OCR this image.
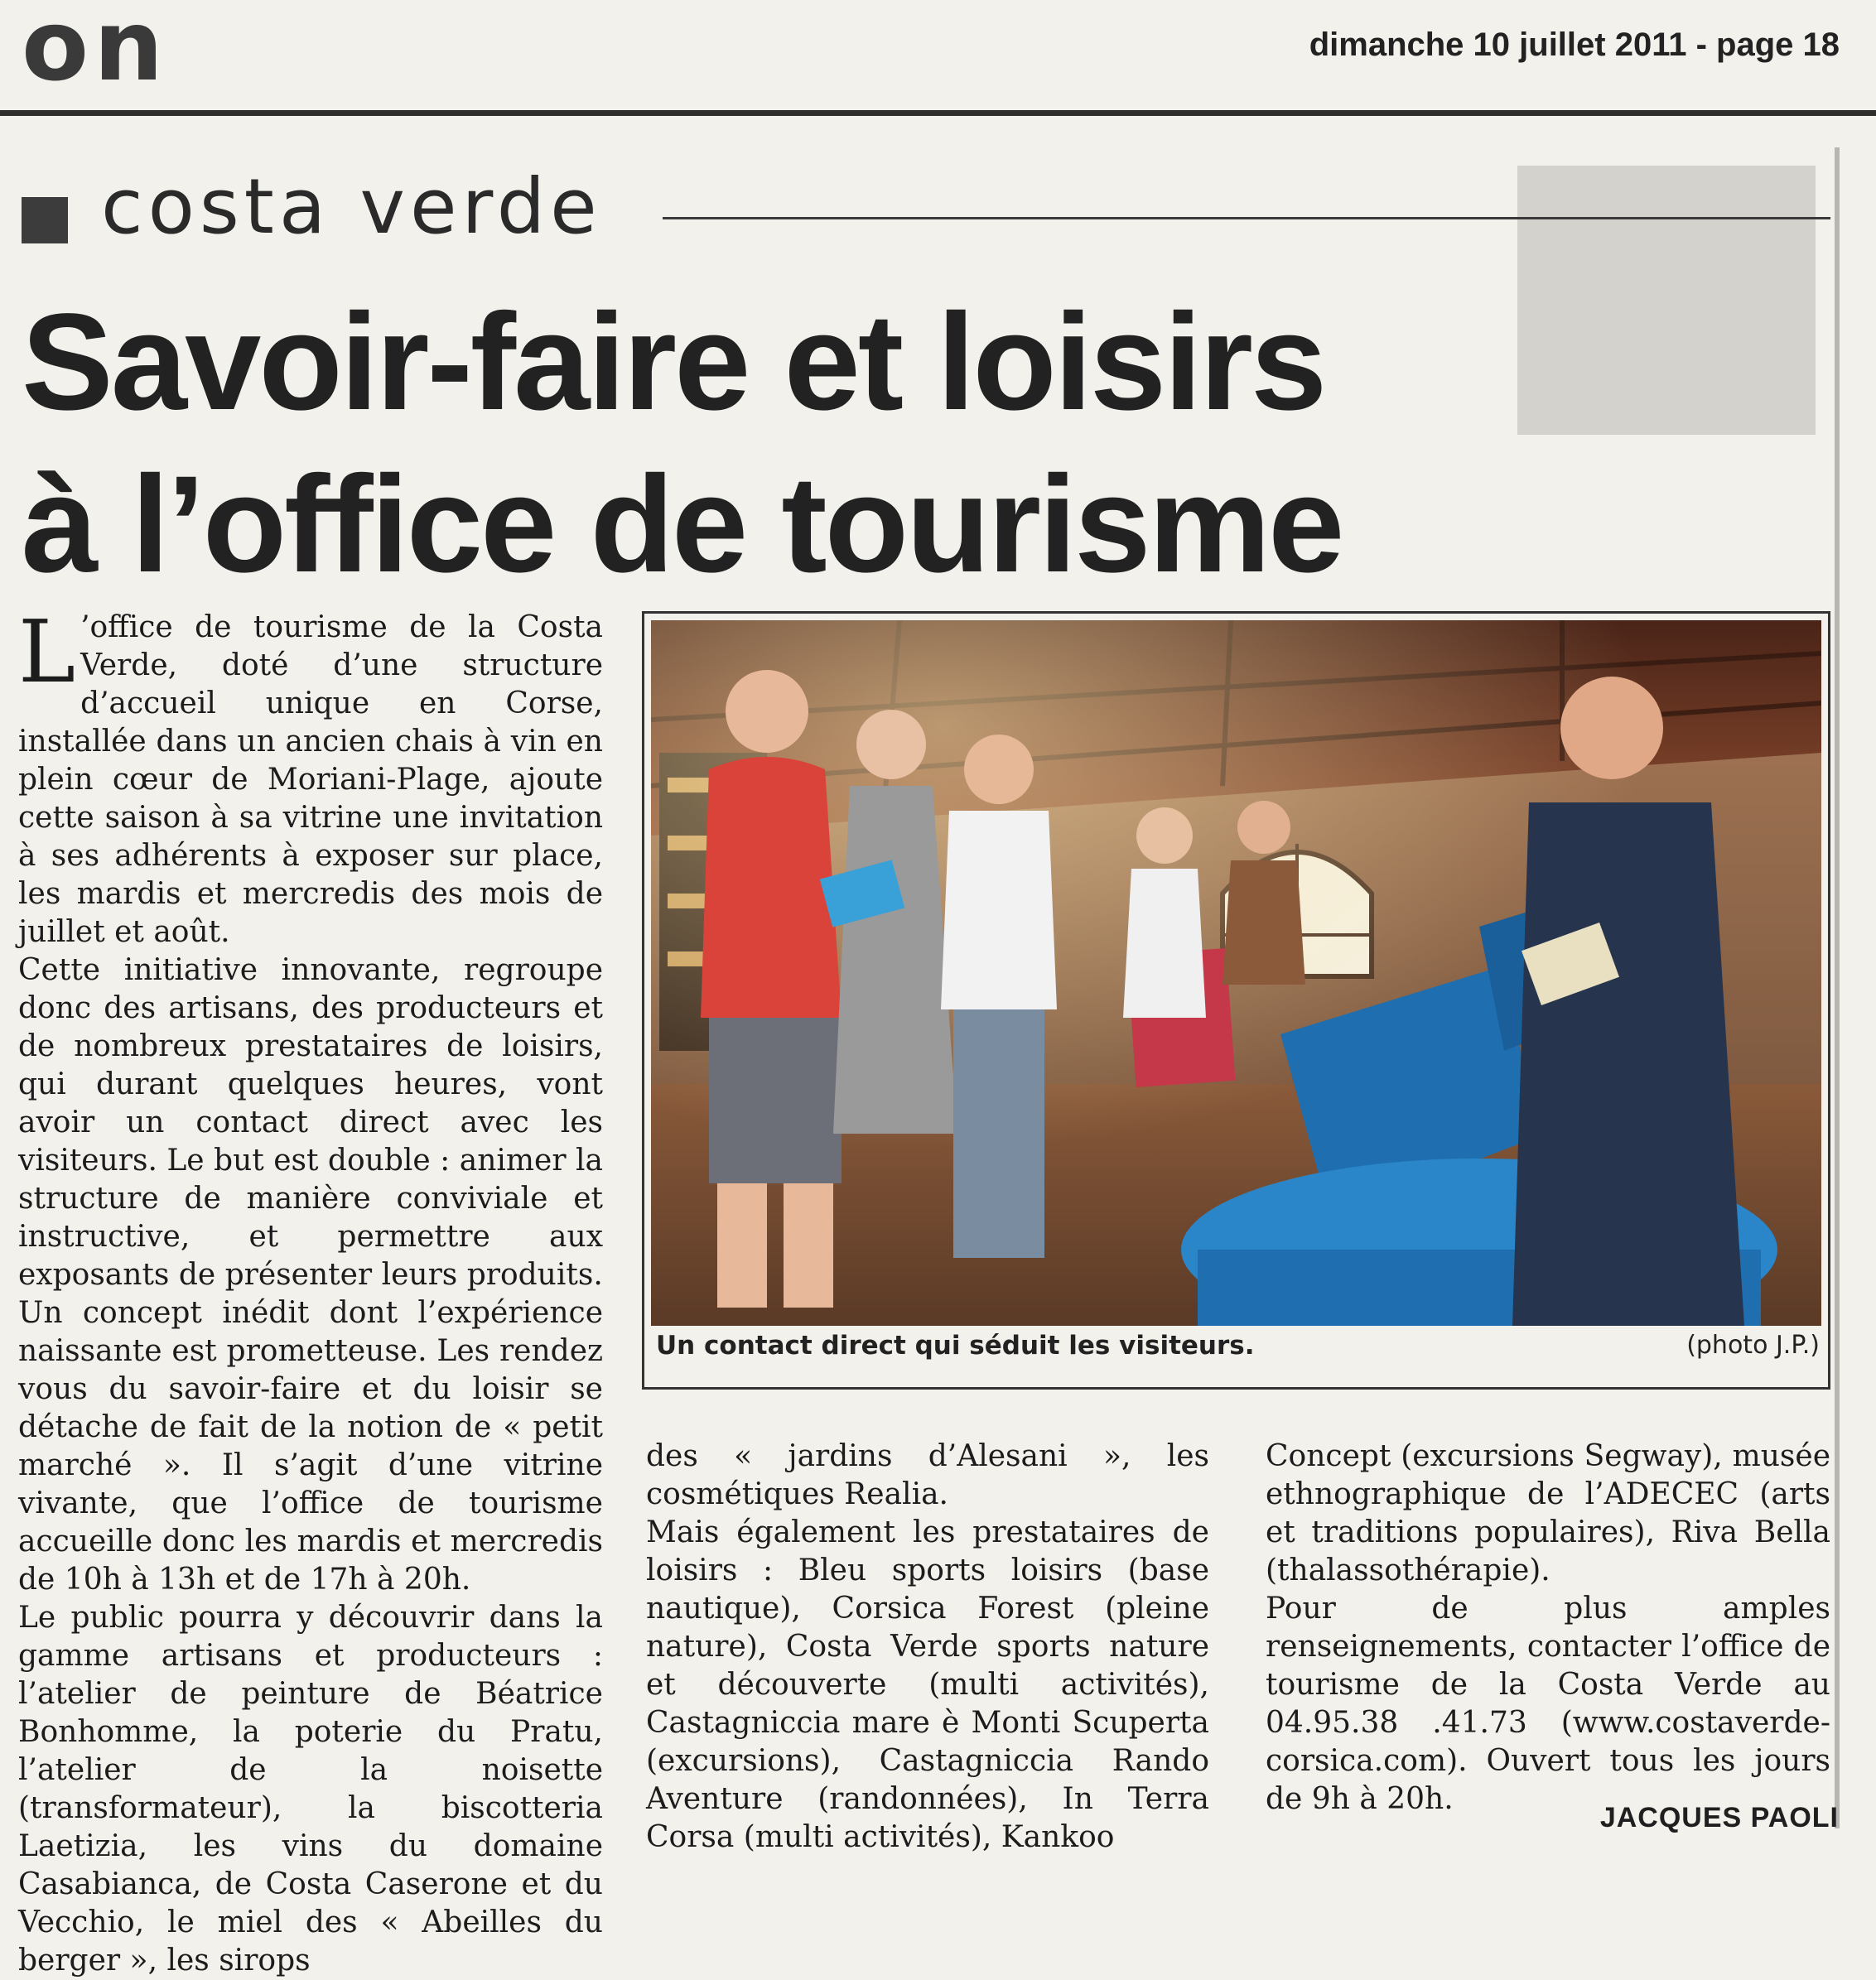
on	dimanche 10 juillet 2011 - page 18
costa verde
Savoir-faire et loisirs
à l’office de tourisme

L ’office de tourisme de la Costa Verde, doté d’une structure d’accueil unique en Corse, installée dans un ancien chais à vin en plein cœur de Moriani-Plage, ajoute cette saison à sa vitrine une invitation à ses adhérents à exposer sur place, les mardis et mercredis des mois de juillet et août.

Cette initiative innovante, regroupe donc des artisans, des producteurs et de nombreux prestataires de loisirs, qui durant quelques heures, vont avoir un contact direct avec les visiteurs. Le but est double : animer la structure de manière conviviale et instructive, et permettre aux exposants de présenter leurs produits.

Un concept inédit dont l’expérience naissante est prometteuse. Les rendez vous du savoir-faire et du loisir se détache de fait de la notion de « petit marché ». Il s’agit d’une vitrine vivante, que l’office de tourisme accueille donc les mardis et mercredis de 10h à 13h et de 17h à 20h.

Le public pourra y découvrir dans la gamme artisans et producteurs : l’atelier de peinture de Béatrice Bonhomme, la poterie du Pratu, l’atelier de la noisette (transformateur), la biscotteria Laetizia, les vins du domaine Casabianca, de Costa Caserone et du Vecchio, le miel des « Abeilles du berger », les sirops

Un contact direct qui séduit les visiteurs.	(photo J.P.)

des « jardins d’Alesani », les cosmétiques Realia.

Mais également les prestataires de loisirs : Bleu sports loisirs (base nautique), Corsica Forest (pleine nature), Costa Verde sports nature et découverte (multi activités), Castagniccia mare è Monti Scuperta (excursions), Castagniccia Rando Aventure (randonnées), In Terra Corsa (multi activités), Kankoo

Concept (excursions Segway), musée ethnographique de l’ADECEC (arts et traditions populaires), Riva Bella (thalassothérapie).

Pour de plus amples renseignements, contacter l’office de tourisme de la Costa Verde au 04.95.38 .41.73 (www.costaverde-corsica.com). Ouvert tous les jours de 9h à 20h.

JACQUES PAOLI
